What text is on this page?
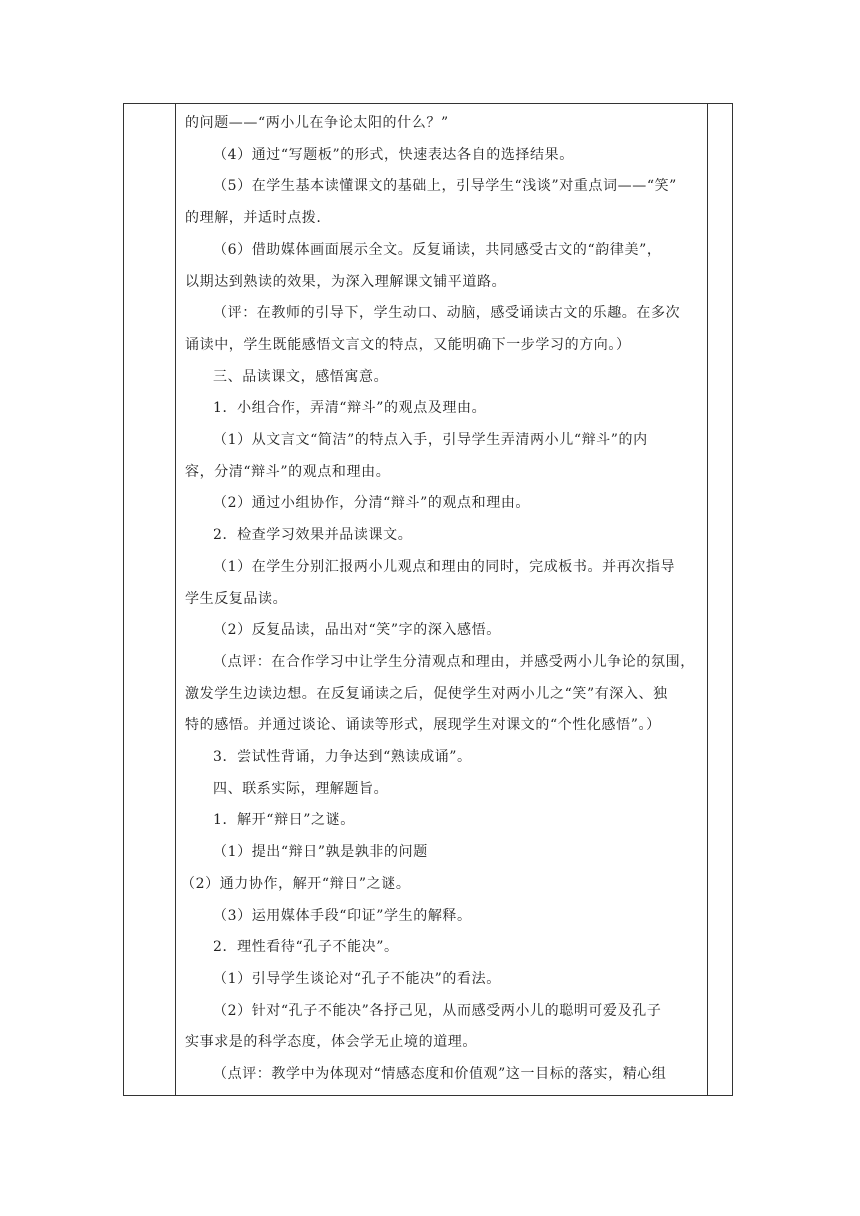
的问题——“两小儿在争论太阳的什么？”
（4）通过“写题板”的形式，快速表达各自的选择结果。
（5）在学生基本读懂课文的基础上，引导学生“浅谈”对重点词——“笑”
的理解，并适时点拨.
（6）借助媒体画面展示全文。反复诵读，共同感受古文的“韵律美”，
以期达到熟读的效果，为深入理解课文铺平道路。
（评：在教师的引导下，学生动口、动脑，感受诵读古文的乐趣。在多次
诵读中，学生既能感悟文言文的特点，又能明确下一步学习的方向。）
三、品读课文，感悟寓意。
1．小组合作，弄清“辩斗”的观点及理由。
（1）从文言文“简洁”的特点入手，引导学生弄清两小儿“辩斗”的内
容，分清“辩斗”的观点和理由。
（2）通过小组协作，分清“辩斗”的观点和理由。
2．检查学习效果并品读课文。
（1）在学生分别汇报两小儿观点和理由的同时，完成板书。并再次指导
学生反复品读。
（2）反复品读，品出对“笑”字的深入感悟。
（点评：在合作学习中让学生分清观点和理由，并感受两小儿争论的氛围，
激发学生边读边想。在反复诵读之后，促使学生对两小儿之“笑”有深入、独
特的感悟。并通过谈论、诵读等形式，展现学生对课文的“个性化感悟”。）
3．尝试性背诵，力争达到“熟读成诵”。
四、联系实际，理解题旨。
1．解开“辩日”之谜。
（1）提出“辩日”孰是孰非的问题
（2）通力协作，解开“辩日”之谜。
（3）运用媒体手段“印证”学生的解释。
2．理性看待“孔子不能决”。
（1）引导学生谈论对“孔子不能决”的看法。
（2）针对“孔子不能决”各抒己见，从而感受两小儿的聪明可爱及孔子
实事求是的科学态度，体会学无止境的道理。
（点评：教学中为体现对“情感态度和价值观”这一目标的落实，精心组
